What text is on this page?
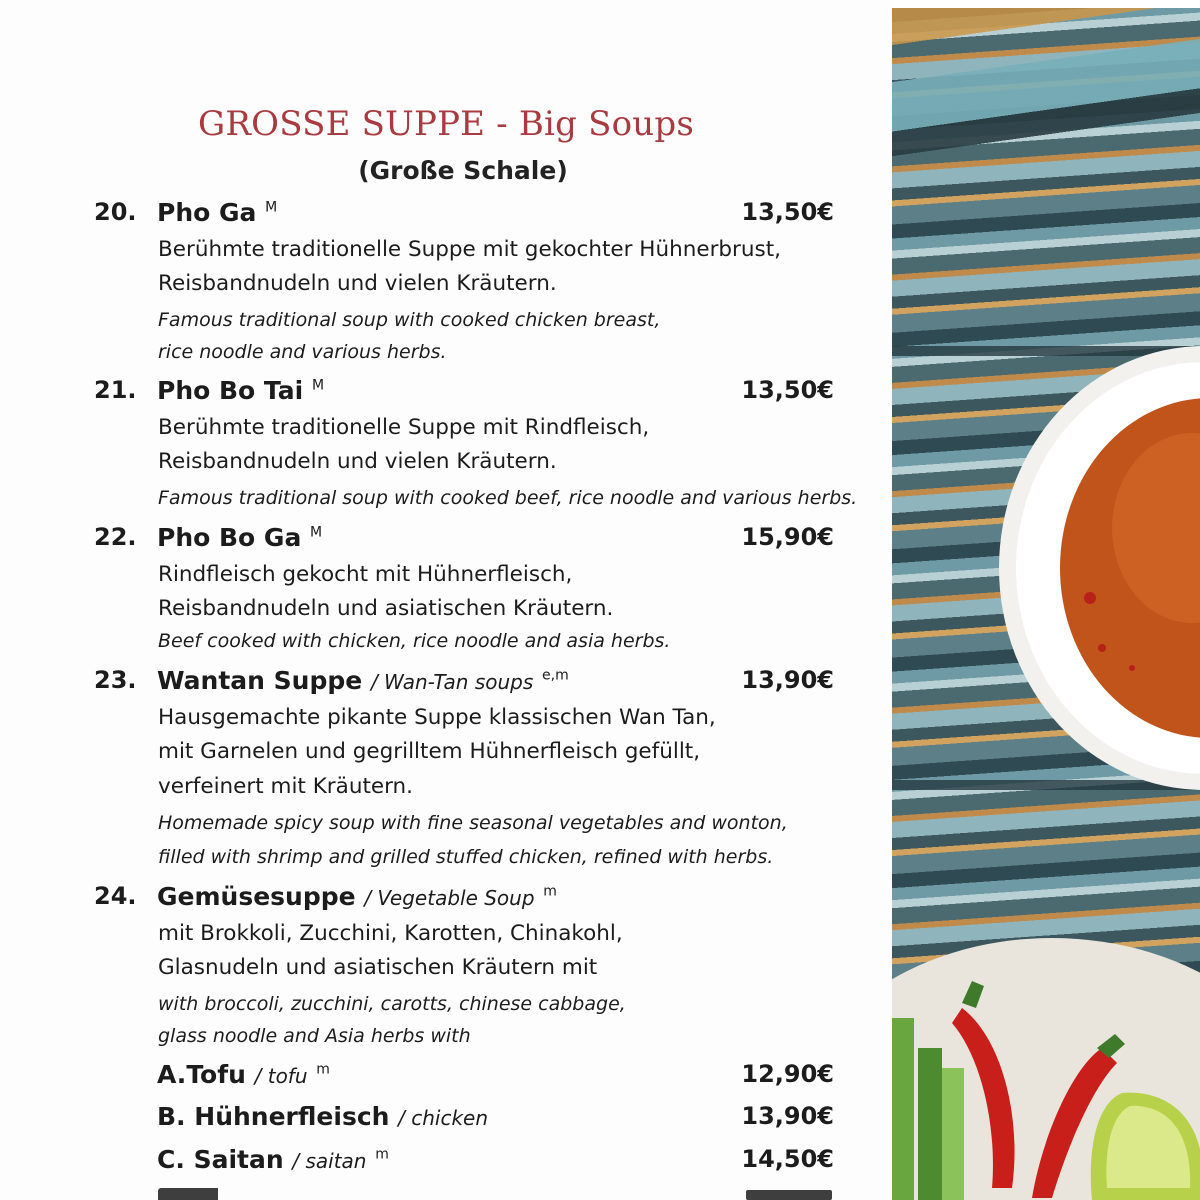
GROSSE SUPPE - Big Soups
(Große Schale)
20. Pho Ga $^M$	13,50€
Berühmte traditionelle Suppe mit gekochter Hühnerbrust,
Reisbandnudeln und vielen Kräutern.
Famous traditional soup with cooked chicken breast,
rice noodle and various herbs.
21. Pho Bo Tai $^M$	13,50€
Berühmte traditionelle Suppe mit Rindfleisch,
Reisbandnudeln und vielen Kräutern.
Famous traditional soup with cooked beef, rice noodle and various herbs.
22. Pho Bo Ga $^M$	15,90€
Rindfleisch gekocht mit Hühnerfleisch,
Reisbandnudeln und asiatischen Kräutern.
Beef cooked with chicken, rice noodle and asia herbs.
23. Wantan Suppe / Wan-Tan soups $^{e,m}$	13,90€
Hausgemachte pikante Suppe klassischen Wan Tan,
mit Garnelen und gegrilltem Hühnerfleisch gefüllt,
verfeinert mit Kräutern.
Homemade spicy soup with fine seasonal vegetables and wonton,
filled with shrimp and grilled stuffed chicken, refined with herbs.
24. Gemüsesuppe / Vegetable Soup $^m$
mit Brokkoli, Zucchini, Karotten, Chinakohl,
Glasnudeln und asiatischen Kräutern mit
with broccoli, zucchini, carotts, chinese cabbage,
glass noodle and Asia herbs with
A.Tofu / tofu $^m$	12,90€
B. Hühnerfleisch / chicken	13,90€
C. Saitan / saitan $^m$	14,50€
